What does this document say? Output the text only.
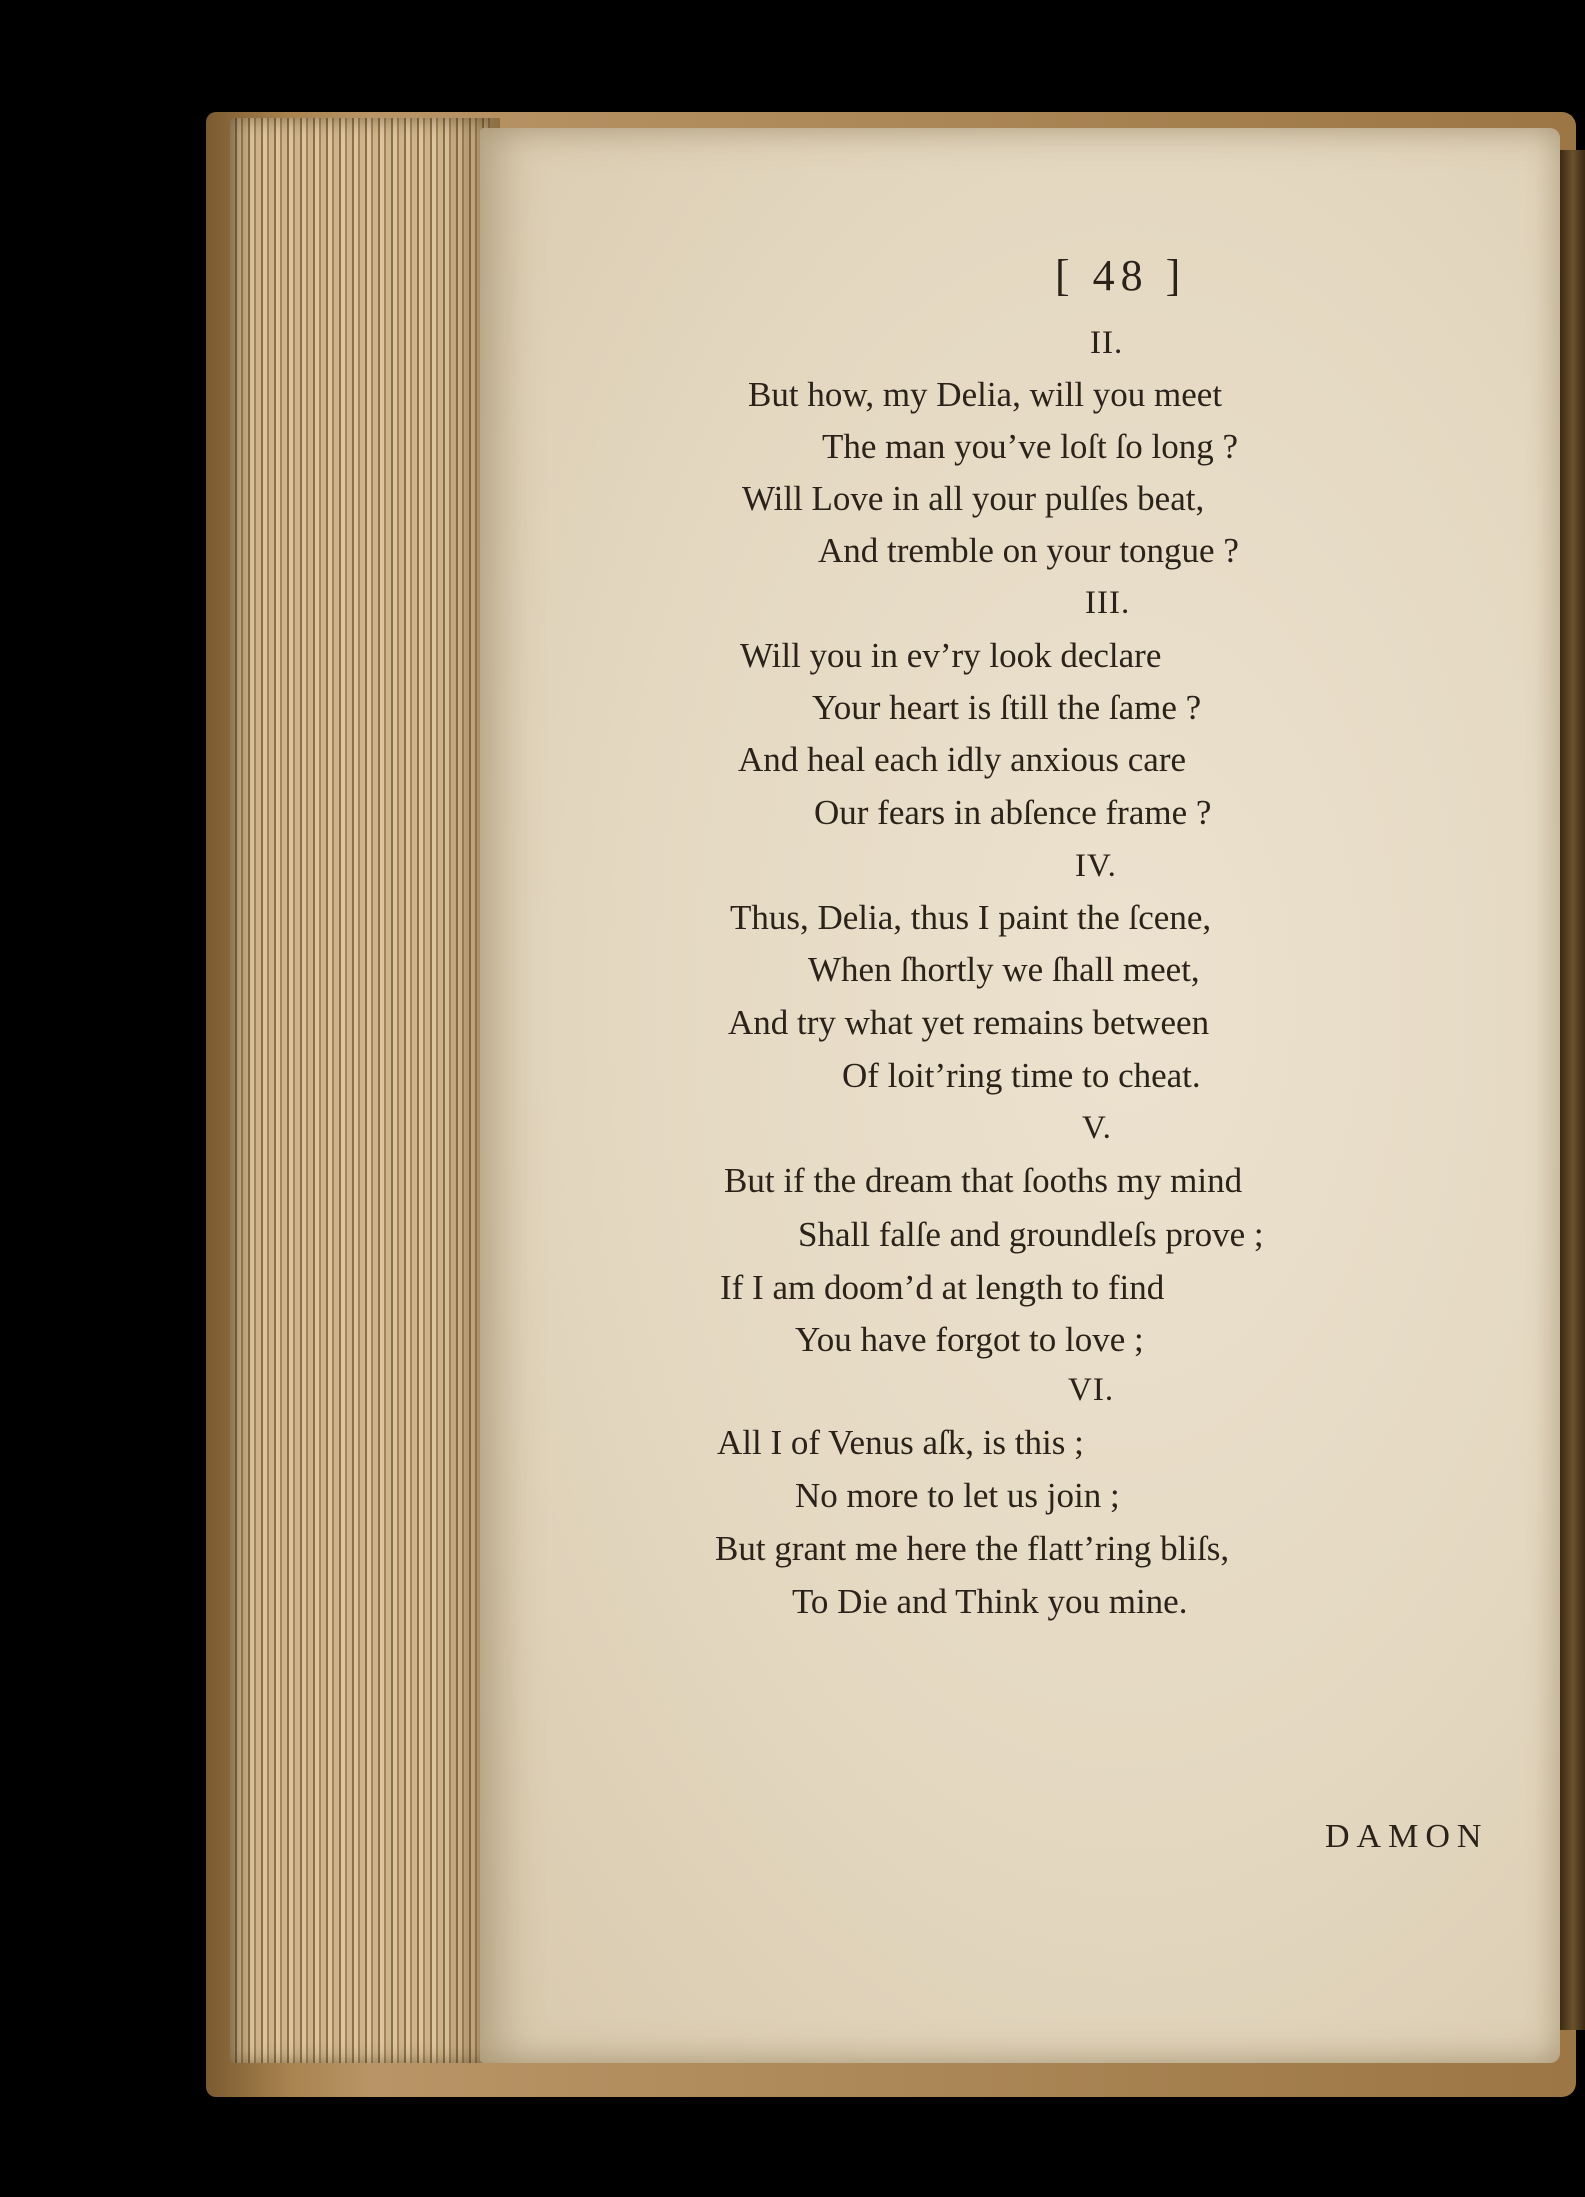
[ 48 ]
II.
But how, my Delia, will you meet
The man you’ve loſt ſo long ?
Will Love in all your pulſes beat,
And tremble on your tongue ?
III.
Will you in ev’ry look declare
Your heart is ſtill the ſame ?
And heal each idly anxious care
Our fears in abſence frame ?
IV.
Thus, Delia, thus I paint the ſcene,
When ſhortly we ſhall meet,
And try what yet remains between
Of loit’ring time to cheat.
V.
But if the dream that ſooths my mind
Shall falſe and groundleſs prove ;
If I am doom’d at length to find
You have forgot to love ;
VI.
All I of Venus aſk, is this ;
No more to let us join ;
But grant me here the flatt’ring bliſs,
To Die and Think you mine.
DAMON
